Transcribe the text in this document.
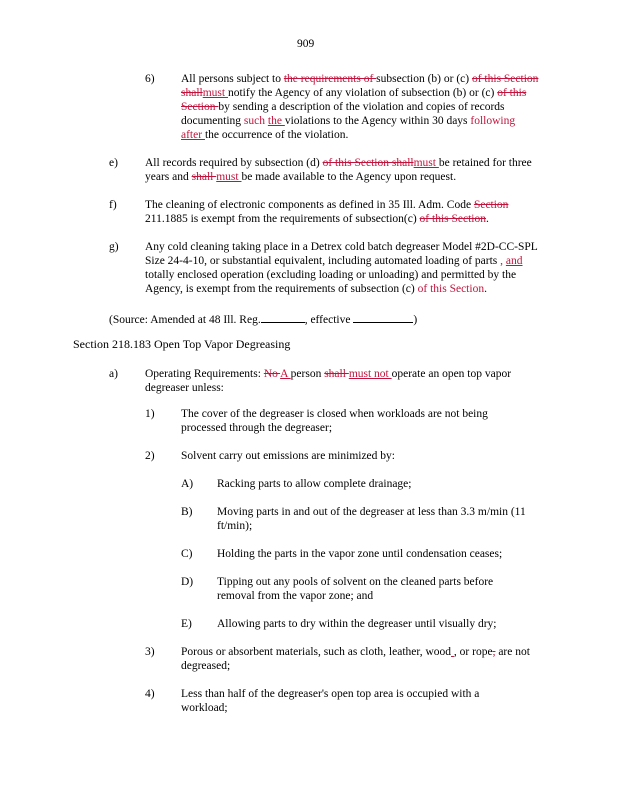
909
6) All persons subject to the requirements of subsection (b) or (c) of this Section shallmust notify the Agency of any violation of subsection (b) or (c) of this Section by sending a description of the violation and copies of records documenting such the violations to the Agency within 30 days following after the occurrence of the violation.
e) All records required by subsection (d) of this Section shallmust be retained for three years and shall must be made available to the Agency upon request.
f) The cleaning of electronic components as defined in 35 Ill. Adm. Code Section 211.1885 is exempt from the requirements of subsection(c) of this Section.
g) Any cold cleaning taking place in a Detrex cold batch degreaser Model #2D-CC-SPL Size 24-4-10, or substantial equivalent, including automated loading of parts , and totally enclosed operation (excluding loading or unloading) and permitted by the Agency, is exempt from the requirements of subsection (c) of this Section.
(Source: Amended at 48 Ill. Reg.	, effective	)
Section 218.183 Open Top Vapor Degreasing
a) Operating Requirements: No A person shall must not operate an open top vapor degreaser unless:
1) The cover of the degreaser is closed when workloads are not being processed through the degreaser;
2) Solvent carry out emissions are minimized by:
A) Racking parts to allow complete drainage;
B) Moving parts in and out of the degreaser at less than 3.3 m/min (11 ft/min);
C) Holding the parts in the vapor zone until condensation ceases;
D) Tipping out any pools of solvent on the cleaned parts before removal from the vapor zone; and
E) Allowing parts to dry within the degreaser until visually dry;
3) Porous or absorbent materials, such as cloth, leather, wood , or rope, are not degreased;
4) Less than half of the degreaser's open top area is occupied with a workload;
